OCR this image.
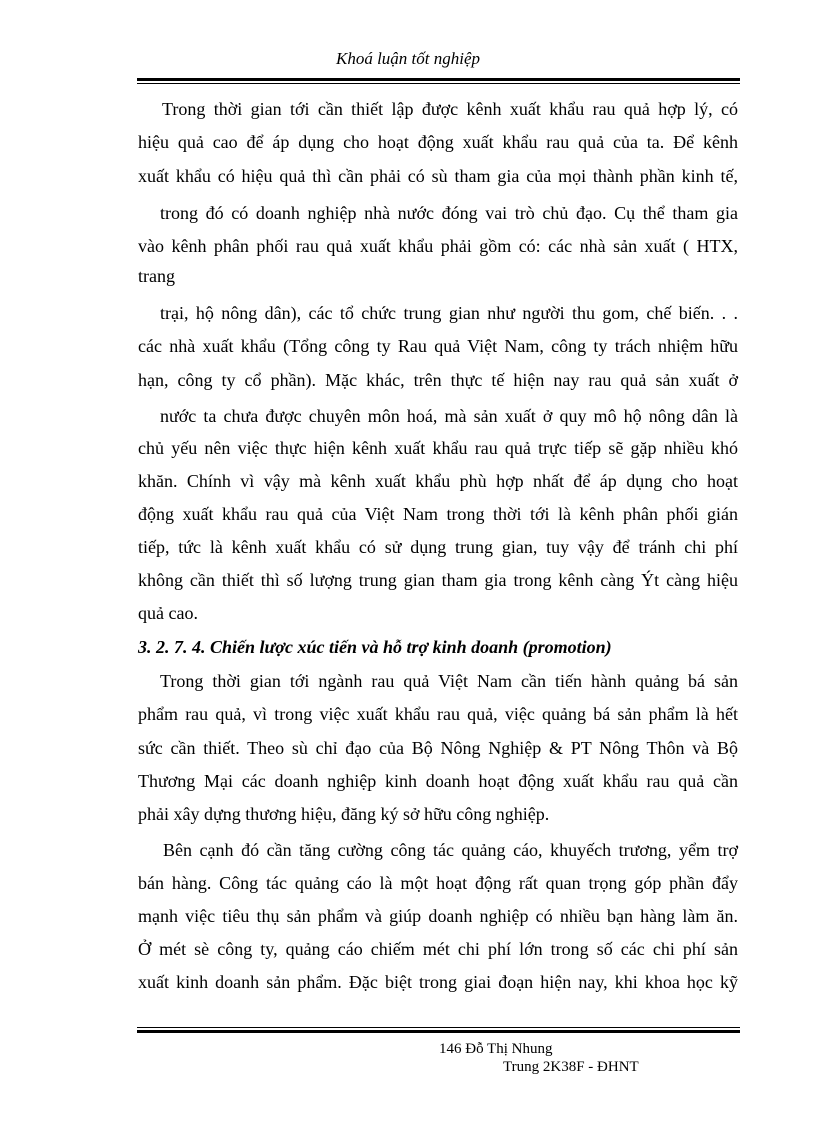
Khoá luận tốt nghiệp
Trong thời gian tới cần thiết lập được kênh xuất khẩu rau quả hợp lý, có
hiệu quả cao để áp dụng cho hoạt động xuất khẩu rau quả của ta. Để kênh
xuất khẩu có hiệu quả thì cần phải có sù tham gia của mọi thành phần kinh tế,
trong đó có doanh nghiệp nhà nước đóng vai trò chủ đạo. Cụ thể tham gia
vào kênh phân phối rau quả xuất khẩu phải gồm có: các nhà sản xuất ( HTX,
trang
trại, hộ nông dân), các tổ chức trung gian như người thu gom, chế biến. . .
các nhà xuất khẩu (Tổng công ty Rau quả Việt Nam, công ty trách nhiệm hữu
hạn, công ty cổ phần). Mặc khác, trên thực tế hiện nay rau quả sản xuất ở
nước ta chưa được chuyên môn hoá, mà sản xuất ở quy mô hộ nông dân là
chủ yếu nên việc thực hiện kênh xuất khẩu rau quả trực tiếp sẽ gặp nhiều khó
khăn. Chính vì vậy mà kênh xuất khẩu phù hợp nhất để áp dụng cho hoạt
động xuất khẩu rau quả của Việt Nam trong thời tới là kênh phân phối gián
tiếp, tức là kênh xuất khẩu có sử dụng trung gian, tuy vậy để tránh chi phí
không cần thiết thì số lượng trung gian tham gia trong kênh càng Ýt càng hiệu
quả cao.
3. 2. 7. 4. Chiến lược xúc tiến và hỗ trợ kinh doanh (promotion)
Trong thời gian tới ngành rau quả Việt Nam cần tiến hành quảng bá sản
phẩm rau quả, vì trong việc xuất khẩu rau quả, việc quảng bá sản phẩm là hết
sức cần thiết. Theo sù chỉ đạo của Bộ Nông Nghiệp & PT Nông Thôn và Bộ
Thương Mại các doanh nghiệp kinh doanh hoạt động xuất khẩu rau quả cần
phải xây dựng thương hiệu, đăng ký sở hữu công nghiệp.
Bên cạnh đó cần tăng cường công tác quảng cáo, khuyếch trương, yểm trợ
bán hàng. Công tác quảng cáo là một hoạt động rất quan trọng góp phần đẩy
mạnh việc tiêu thụ sản phẩm và giúp doanh nghiệp có nhiều bạn hàng làm ăn.
Ở mét sè công ty, quảng cáo chiếm mét chi phí lớn trong số các chi phí sản
xuất kinh doanh sản phẩm. Đặc biệt trong giai đoạn hiện nay, khi khoa học kỹ
146 Đỗ Thị Nhung
Trung 2K38F - ĐHNT
